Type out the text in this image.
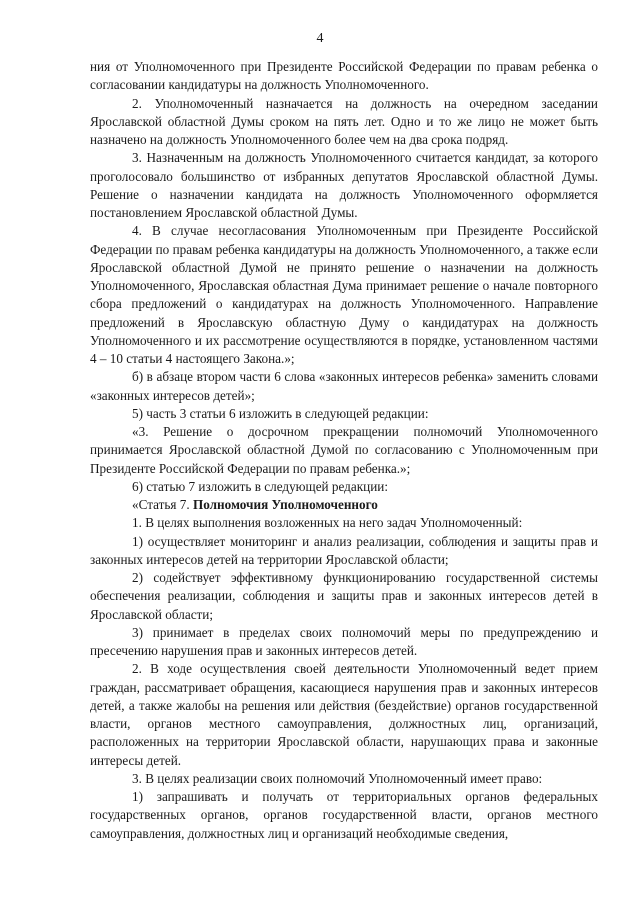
4

ния от Уполномоченного при Президенте Российской Федерации по правам ребенка о согласовании кандидатуры на должность Уполномоченного.

2. Уполномоченный назначается на должность на очередном заседании Ярославской областной Думы сроком на пять лет. Одно и то же лицо не может быть назначено на должность Уполномоченного более чем на два срока подряд.

3. Назначенным на должность Уполномоченного считается кандидат, за которого проголосовало большинство от избранных депутатов Ярославской областной Думы. Решение о назначении кандидата на должность Уполномоченного оформляется постановлением Ярославской областной Думы.

4. В случае несогласования Уполномоченным при Президенте Российской Федерации по правам ребенка кандидатуры на должность Уполномоченного, а также если Ярославской областной Думой не принято решение о назначении на должность Уполномоченного, Ярославская областная Дума принимает решение о начале повторного сбора предложений о кандидатурах на должность Уполномоченного. Направление предложений в Ярославскую областную Думу о кандидатурах на должность Уполномоченного и их рассмотрение осуществляются в порядке, установленном частями 4 – 10 статьи 4 настоящего Закона.»;

б) в абзаце втором части 6 слова «законных интересов ребенка» заменить словами «законных интересов детей»;

5) часть 3 статьи 6 изложить в следующей редакции:

«3. Решение о досрочном прекращении полномочий Уполномоченного принимается Ярославской областной Думой по согласованию с Уполномоченным при Президенте Российской Федерации по правам ребенка.»;

6) статью 7 изложить в следующей редакции:

«Статья 7. Полномочия Уполномоченного

1. В целях выполнения возложенных на него задач Уполномоченный:

1) осуществляет мониторинг и анализ реализации, соблюдения и защиты прав и законных интересов детей на территории Ярославской области;

2) содействует эффективному функционированию государственной системы обеспечения реализации, соблюдения и защиты прав и законных интересов детей в Ярославской области;

3) принимает в пределах своих полномочий меры по предупреждению и пресечению нарушения прав и законных интересов детей.

2. В ходе осуществления своей деятельности Уполномоченный ведет прием граждан, рассматривает обращения, касающиеся нарушения прав и законных интересов детей, а также жалобы на решения или действия (бездействие) органов государственной власти, органов местного самоуправления, должностных лиц, организаций, расположенных на территории Ярославской области, нарушающих права и законные интересы детей.

3. В целях реализации своих полномочий Уполномоченный имеет право:

1) запрашивать и получать от территориальных органов федеральных государственных органов, органов государственной власти, органов местного самоуправления, должностных лиц и организаций необходимые сведения,
